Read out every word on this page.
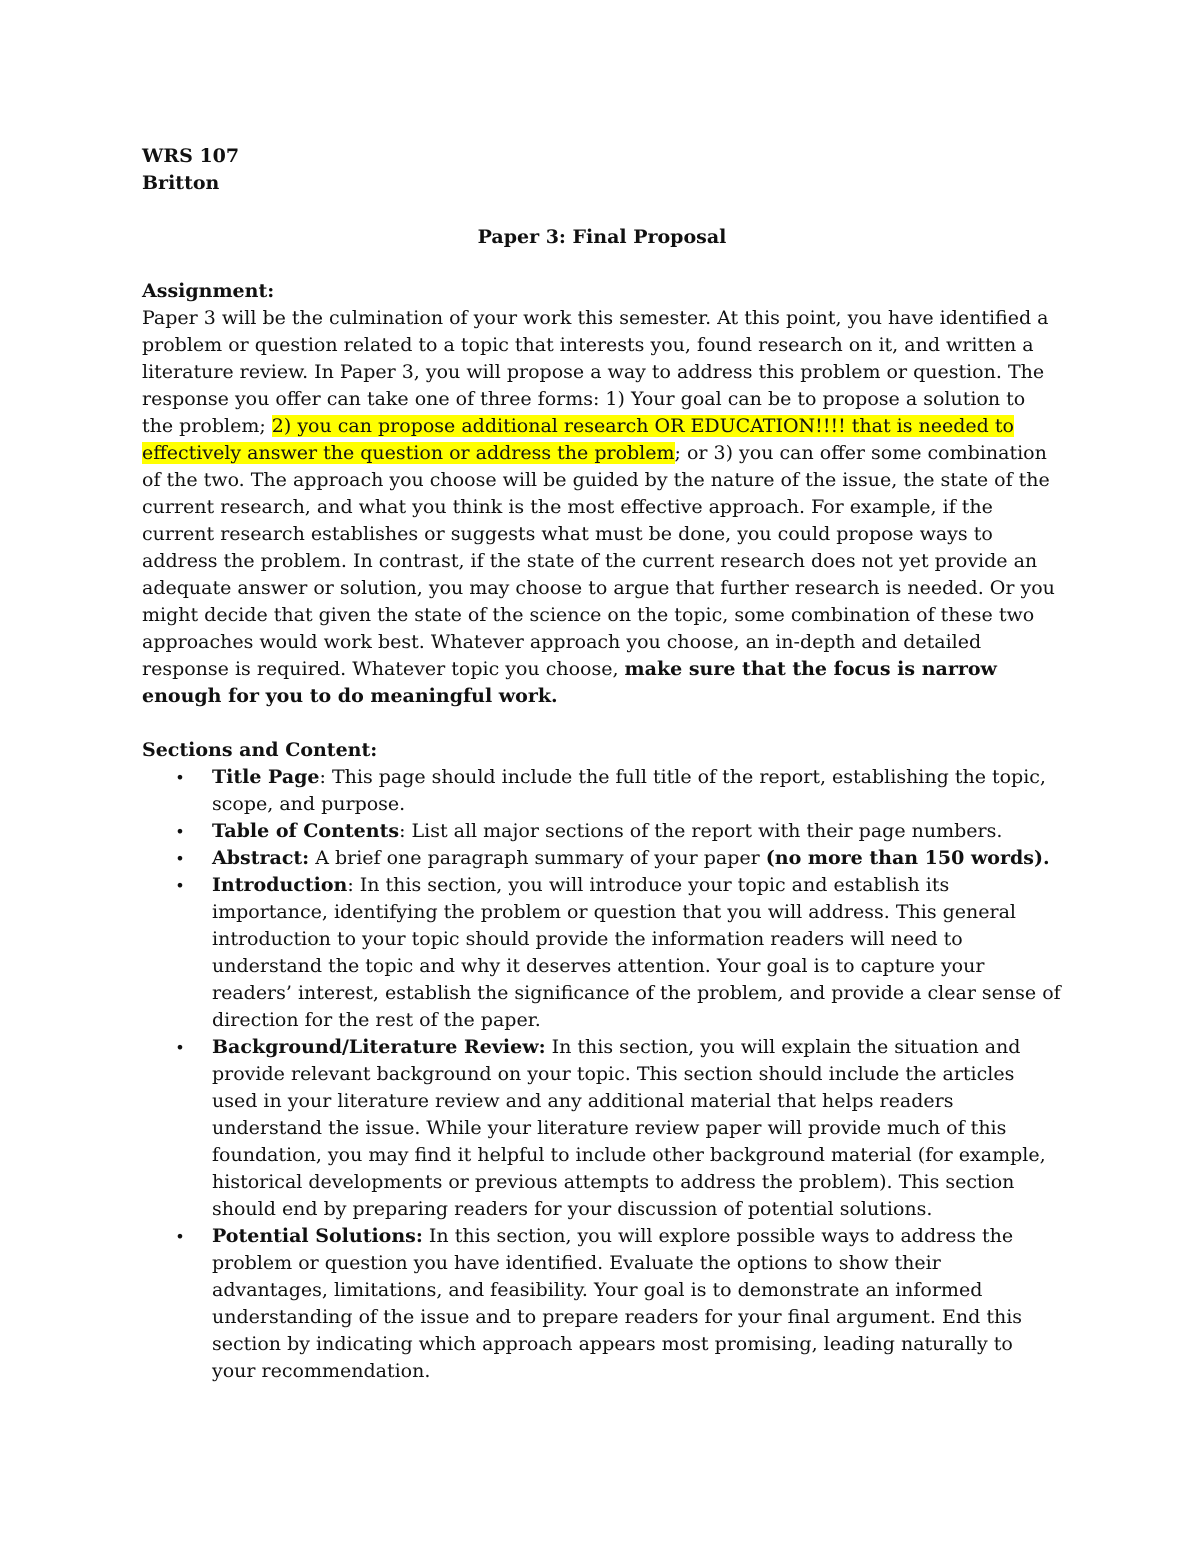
WRS 107
Britton
Paper 3: Final Proposal
Assignment:
Paper 3 will be the culmination of your work this semester. At this point, you have identified a problem or question related to a topic that interests you, found research on it, and written a literature review. In Paper 3, you will propose a way to address this problem or question. The response you offer can take one of three forms: 1) Your goal can be to propose a solution to the problem; 2) you can propose additional research OR EDUCATION!!!! that is needed to effectively answer the question or address the problem; or 3) you can offer some combination of the two. The approach you choose will be guided by the nature of the issue, the state of the current research, and what you think is the most effective approach. For example, if the current research establishes or suggests what must be done, you could propose ways to address the problem. In contrast, if the state of the current research does not yet provide an adequate answer or solution, you may choose to argue that further research is needed. Or you might decide that given the state of the science on the topic, some combination of these two approaches would work best. Whatever approach you choose, an in-depth and detailed response is required. Whatever topic you choose, make sure that the focus is narrow enough for you to do meaningful work.
Sections and Content:
• Title Page: This page should include the full title of the report, establishing the topic, scope, and purpose.
• Table of Contents: List all major sections of the report with their page numbers.
• Abstract: A brief one paragraph summary of your paper (no more than 150 words).
• Introduction: In this section, you will introduce your topic and establish its importance, identifying the problem or question that you will address. This general introduction to your topic should provide the information readers will need to understand the topic and why it deserves attention. Your goal is to capture your readers’ interest, establish the significance of the problem, and provide a clear sense of direction for the rest of the paper.
• Background/Literature Review: In this section, you will explain the situation and provide relevant background on your topic. This section should include the articles used in your literature review and any additional material that helps readers understand the issue. While your literature review paper will provide much of this foundation, you may find it helpful to include other background material (for example, historical developments or previous attempts to address the problem). This section should end by preparing readers for your discussion of potential solutions.
• Potential Solutions: In this section, you will explore possible ways to address the problem or question you have identified. Evaluate the options to show their advantages, limitations, and feasibility. Your goal is to demonstrate an informed understanding of the issue and to prepare readers for your final argument. End this section by indicating which approach appears most promising, leading naturally to your recommendation.
